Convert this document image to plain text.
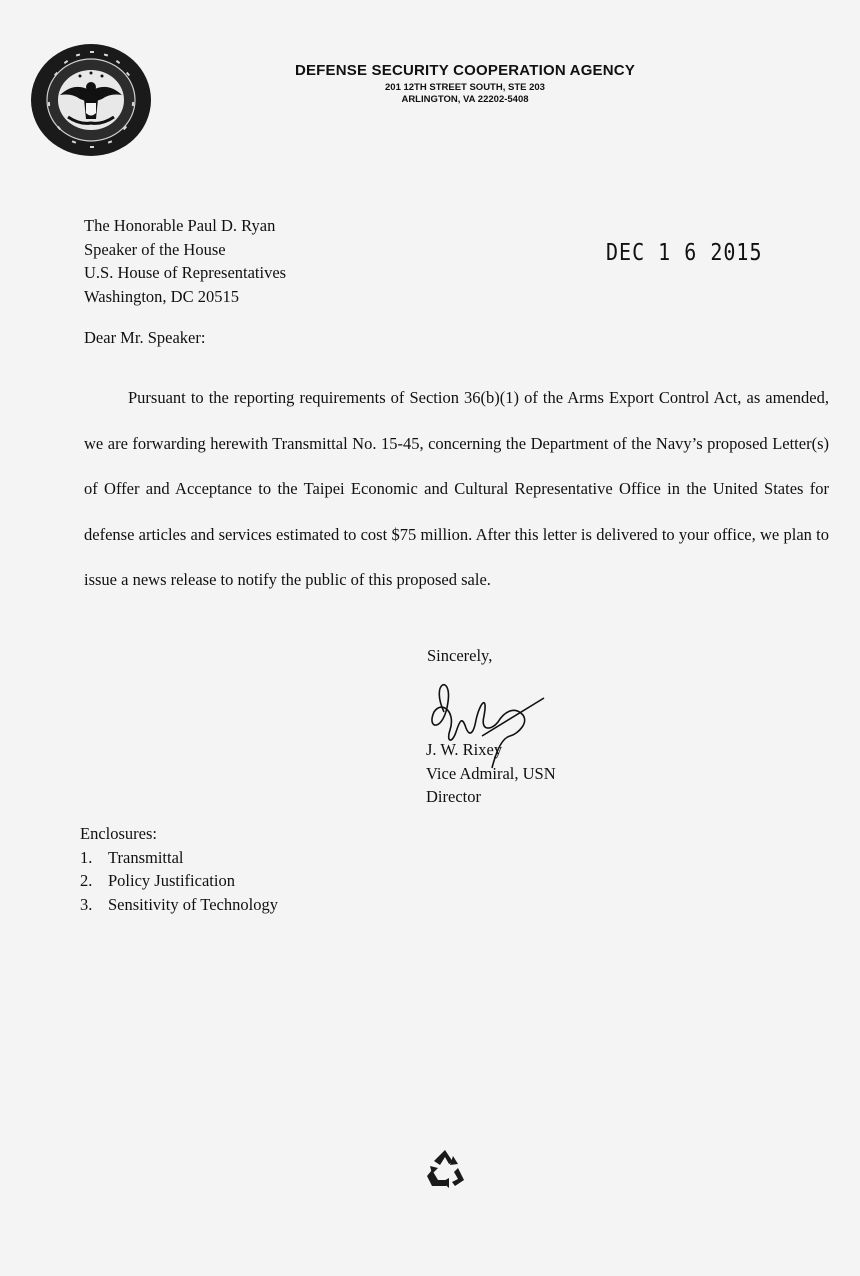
DEFENSE SECURITY COOPERATION AGENCY
201 12TH STREET SOUTH, STE 203
ARLINGTON, VA 22202-5408
The Honorable Paul D. Ryan
Speaker of the House
U.S. House of Representatives
Washington, DC 20515
DEC 1 6 2015
Dear Mr. Speaker:

Pursuant to the reporting requirements of Section 36(b)(1) of the Arms Export Control Act, as amended, we are forwarding herewith Transmittal No. 15-45, concerning the Department of the Navy’s proposed Letter(s) of Offer and Acceptance to the Taipei Economic and Cultural Representative Office in the United States for defense articles and services estimated to cost $75 million. After this letter is delivered to your office, we plan to issue a news release to notify the public of this proposed sale.

Sincerely,
J. W. Rixey
Vice Admiral, USN
Director
Enclosures:
1. Transmittal
2. Policy Justification
3. Sensitivity of Technology
